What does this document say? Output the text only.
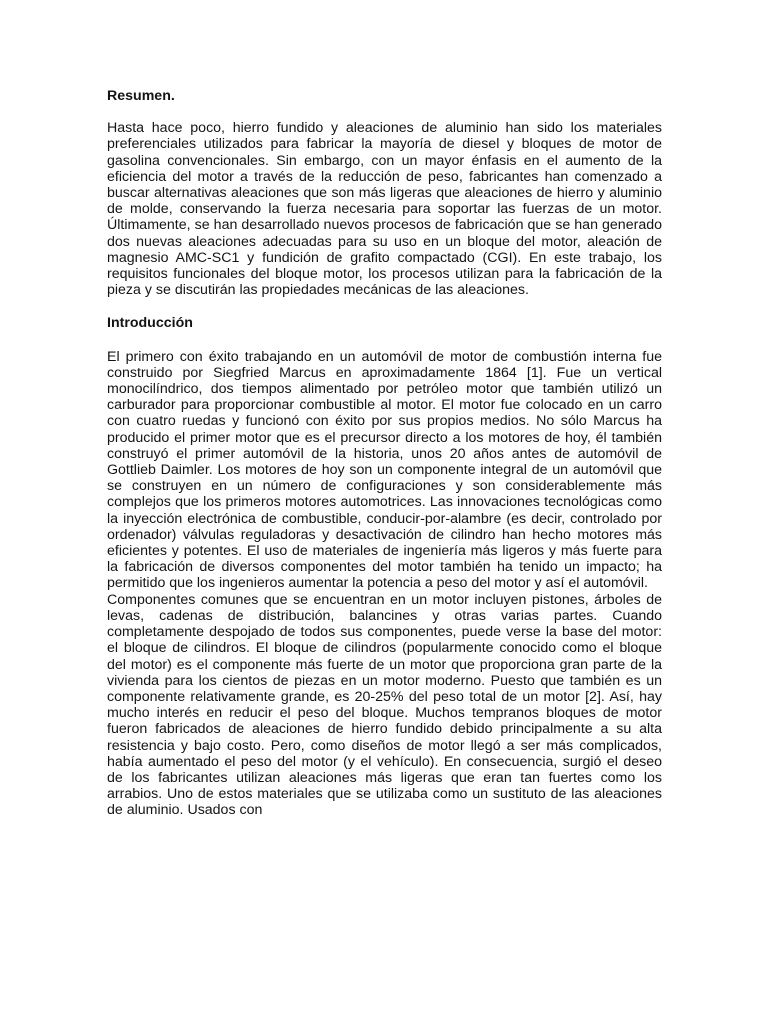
Resumen.

Hasta hace poco, hierro fundido y aleaciones de aluminio han sido los materiales preferenciales utilizados para fabricar la mayoría de diesel y bloques de motor de gasolina convencionales. Sin embargo, con un mayor énfasis en el aumento de la eficiencia del motor a través de la reducción de peso, fabricantes han comenzado a buscar alternativas aleaciones que son más ligeras que aleaciones de hierro y aluminio de molde, conservando la fuerza necesaria para soportar las fuerzas de un motor. Últimamente, se han desarrollado nuevos procesos de fabricación que se han generado dos nuevas aleaciones adecuadas para su uso en un bloque del motor, aleación de magnesio AMC-SC1 y fundición de grafito compactado (CGI). En este trabajo, los requisitos funcionales del bloque motor, los procesos utilizan para la fabricación de la pieza y se discutirán las propiedades mecánicas de las aleaciones.

Introducción

El primero con éxito trabajando en un automóvil de motor de combustión interna fue construido por Siegfried Marcus en aproximadamente 1864 [1]. Fue un vertical monocilíndrico, dos tiempos alimentado por petróleo motor que también utilizó un carburador para proporcionar combustible al motor. El motor fue colocado en un carro con cuatro ruedas y funcionó con éxito por sus propios medios. No sólo Marcus ha producido el primer motor que es el precursor directo a los motores de hoy, él también construyó el primer automóvil de la historia, unos 20 años antes de automóvil de Gottlieb Daimler. Los motores de hoy son un componente integral de un automóvil que se construyen en un número de configuraciones y son considerablemente más complejos que los primeros motores automotrices. Las innovaciones tecnológicas como la inyección electrónica de combustible, conducir-por-alambre (es decir, controlado por ordenador) válvulas reguladoras y desactivación de cilindro han hecho motores más eficientes y potentes. El uso de materiales de ingeniería más ligeros y más fuerte para la fabricación de diversos componentes del motor también ha tenido un impacto; ha permitido que los ingenieros aumentar la potencia a peso del motor y así el automóvil.

Componentes comunes que se encuentran en un motor incluyen pistones, árboles de levas, cadenas de distribución, balancines y otras varias partes. Cuando completamente despojado de todos sus componentes, puede verse la base del motor: el bloque de cilindros. El bloque de cilindros (popularmente conocido como el bloque del motor) es el componente más fuerte de un motor que proporciona gran parte de la vivienda para los cientos de piezas en un motor moderno. Puesto que también es un componente relativamente grande, es 20-25% del peso total de un motor [2]. Así, hay mucho interés en reducir el peso del bloque. Muchos tempranos bloques de motor fueron fabricados de aleaciones de hierro fundido debido principalmente a su alta resistencia y bajo costo. Pero, como diseños de motor llegó a ser más complicados, había aumentado el peso del motor (y el vehículo). En consecuencia, surgió el deseo de los fabricantes utilizan aleaciones más ligeras que eran tan fuertes como los arrabios. Uno de estos materiales que se utilizaba como un sustituto de las aleaciones de aluminio. Usados con
